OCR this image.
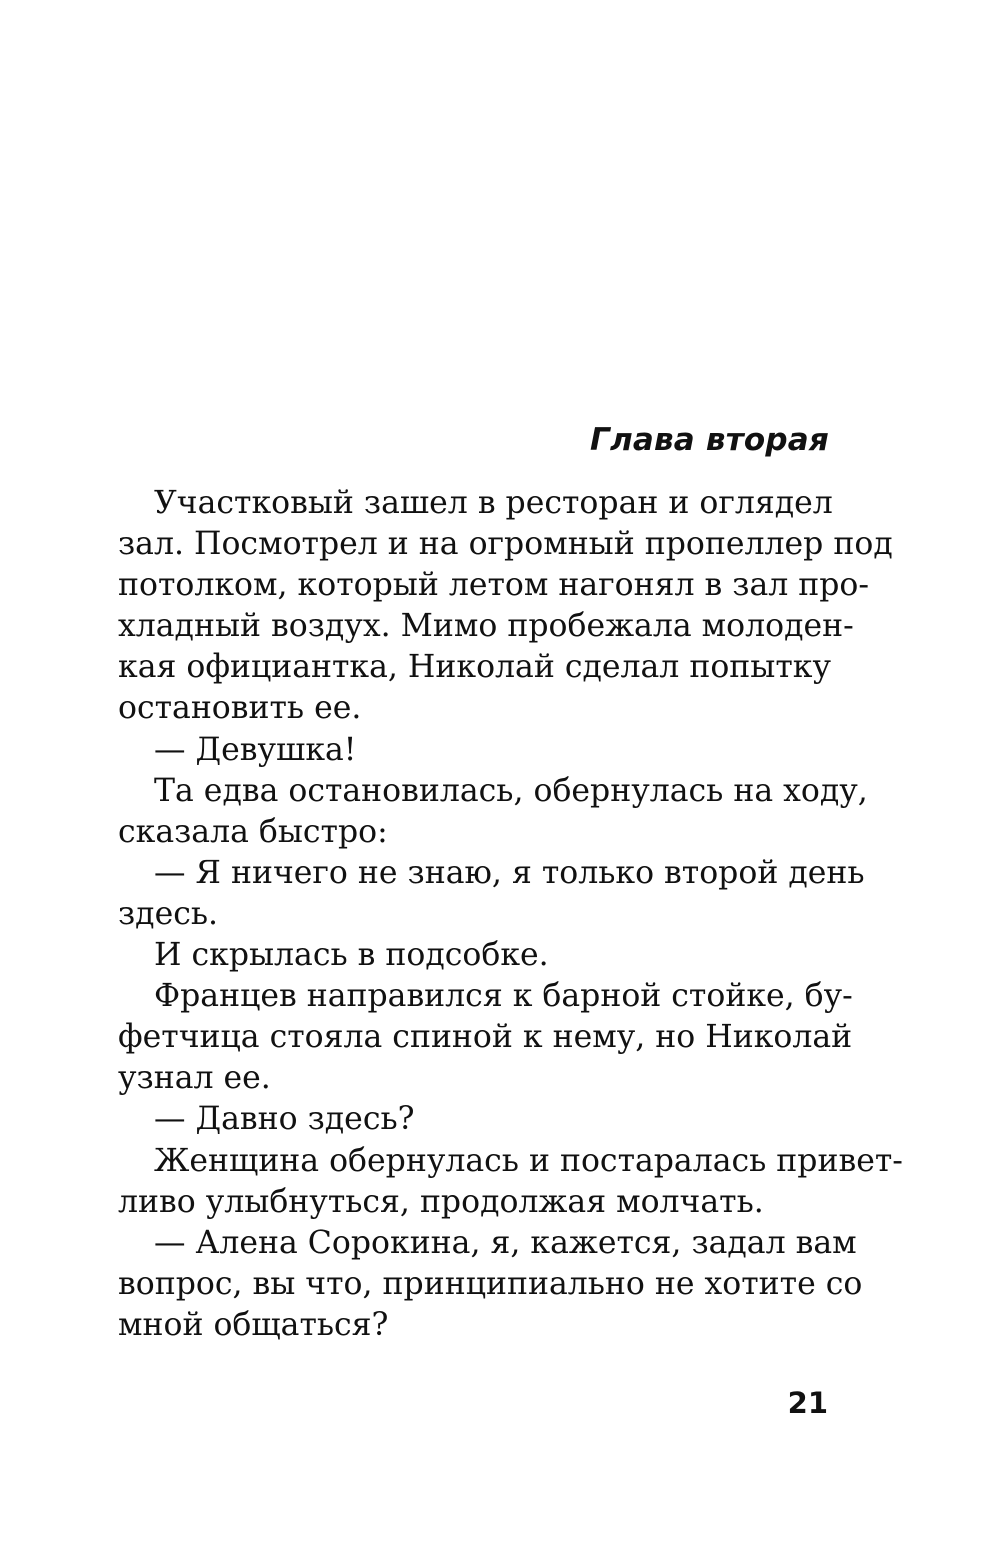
Глава вторая
Участковый зашел в ресторан и оглядел
зал. Посмотрел и на огромный пропеллер под
потолком, который летом нагонял в зал про-
хладный воздух. Мимо пробежала молоден-
кая официантка, Николай сделал попытку
остановить ее.
— Девушка!
Та едва остановилась, обернулась на ходу,
сказала быстро:
— Я ничего не знаю, я только второй день
здесь.
И скрылась в подсобке.
Францев направился к барной стойке, бу-
фетчица стояла спиной к нему, но Николай
узнал ее.
— Давно здесь?
Женщина обернулась и постаралась привет-
ливо улыбнуться, продолжая молчать.
— Алена Сорокина, я, кажется, задал вам
вопрос, вы что, принципиально не хотите со
мной общаться?
21
